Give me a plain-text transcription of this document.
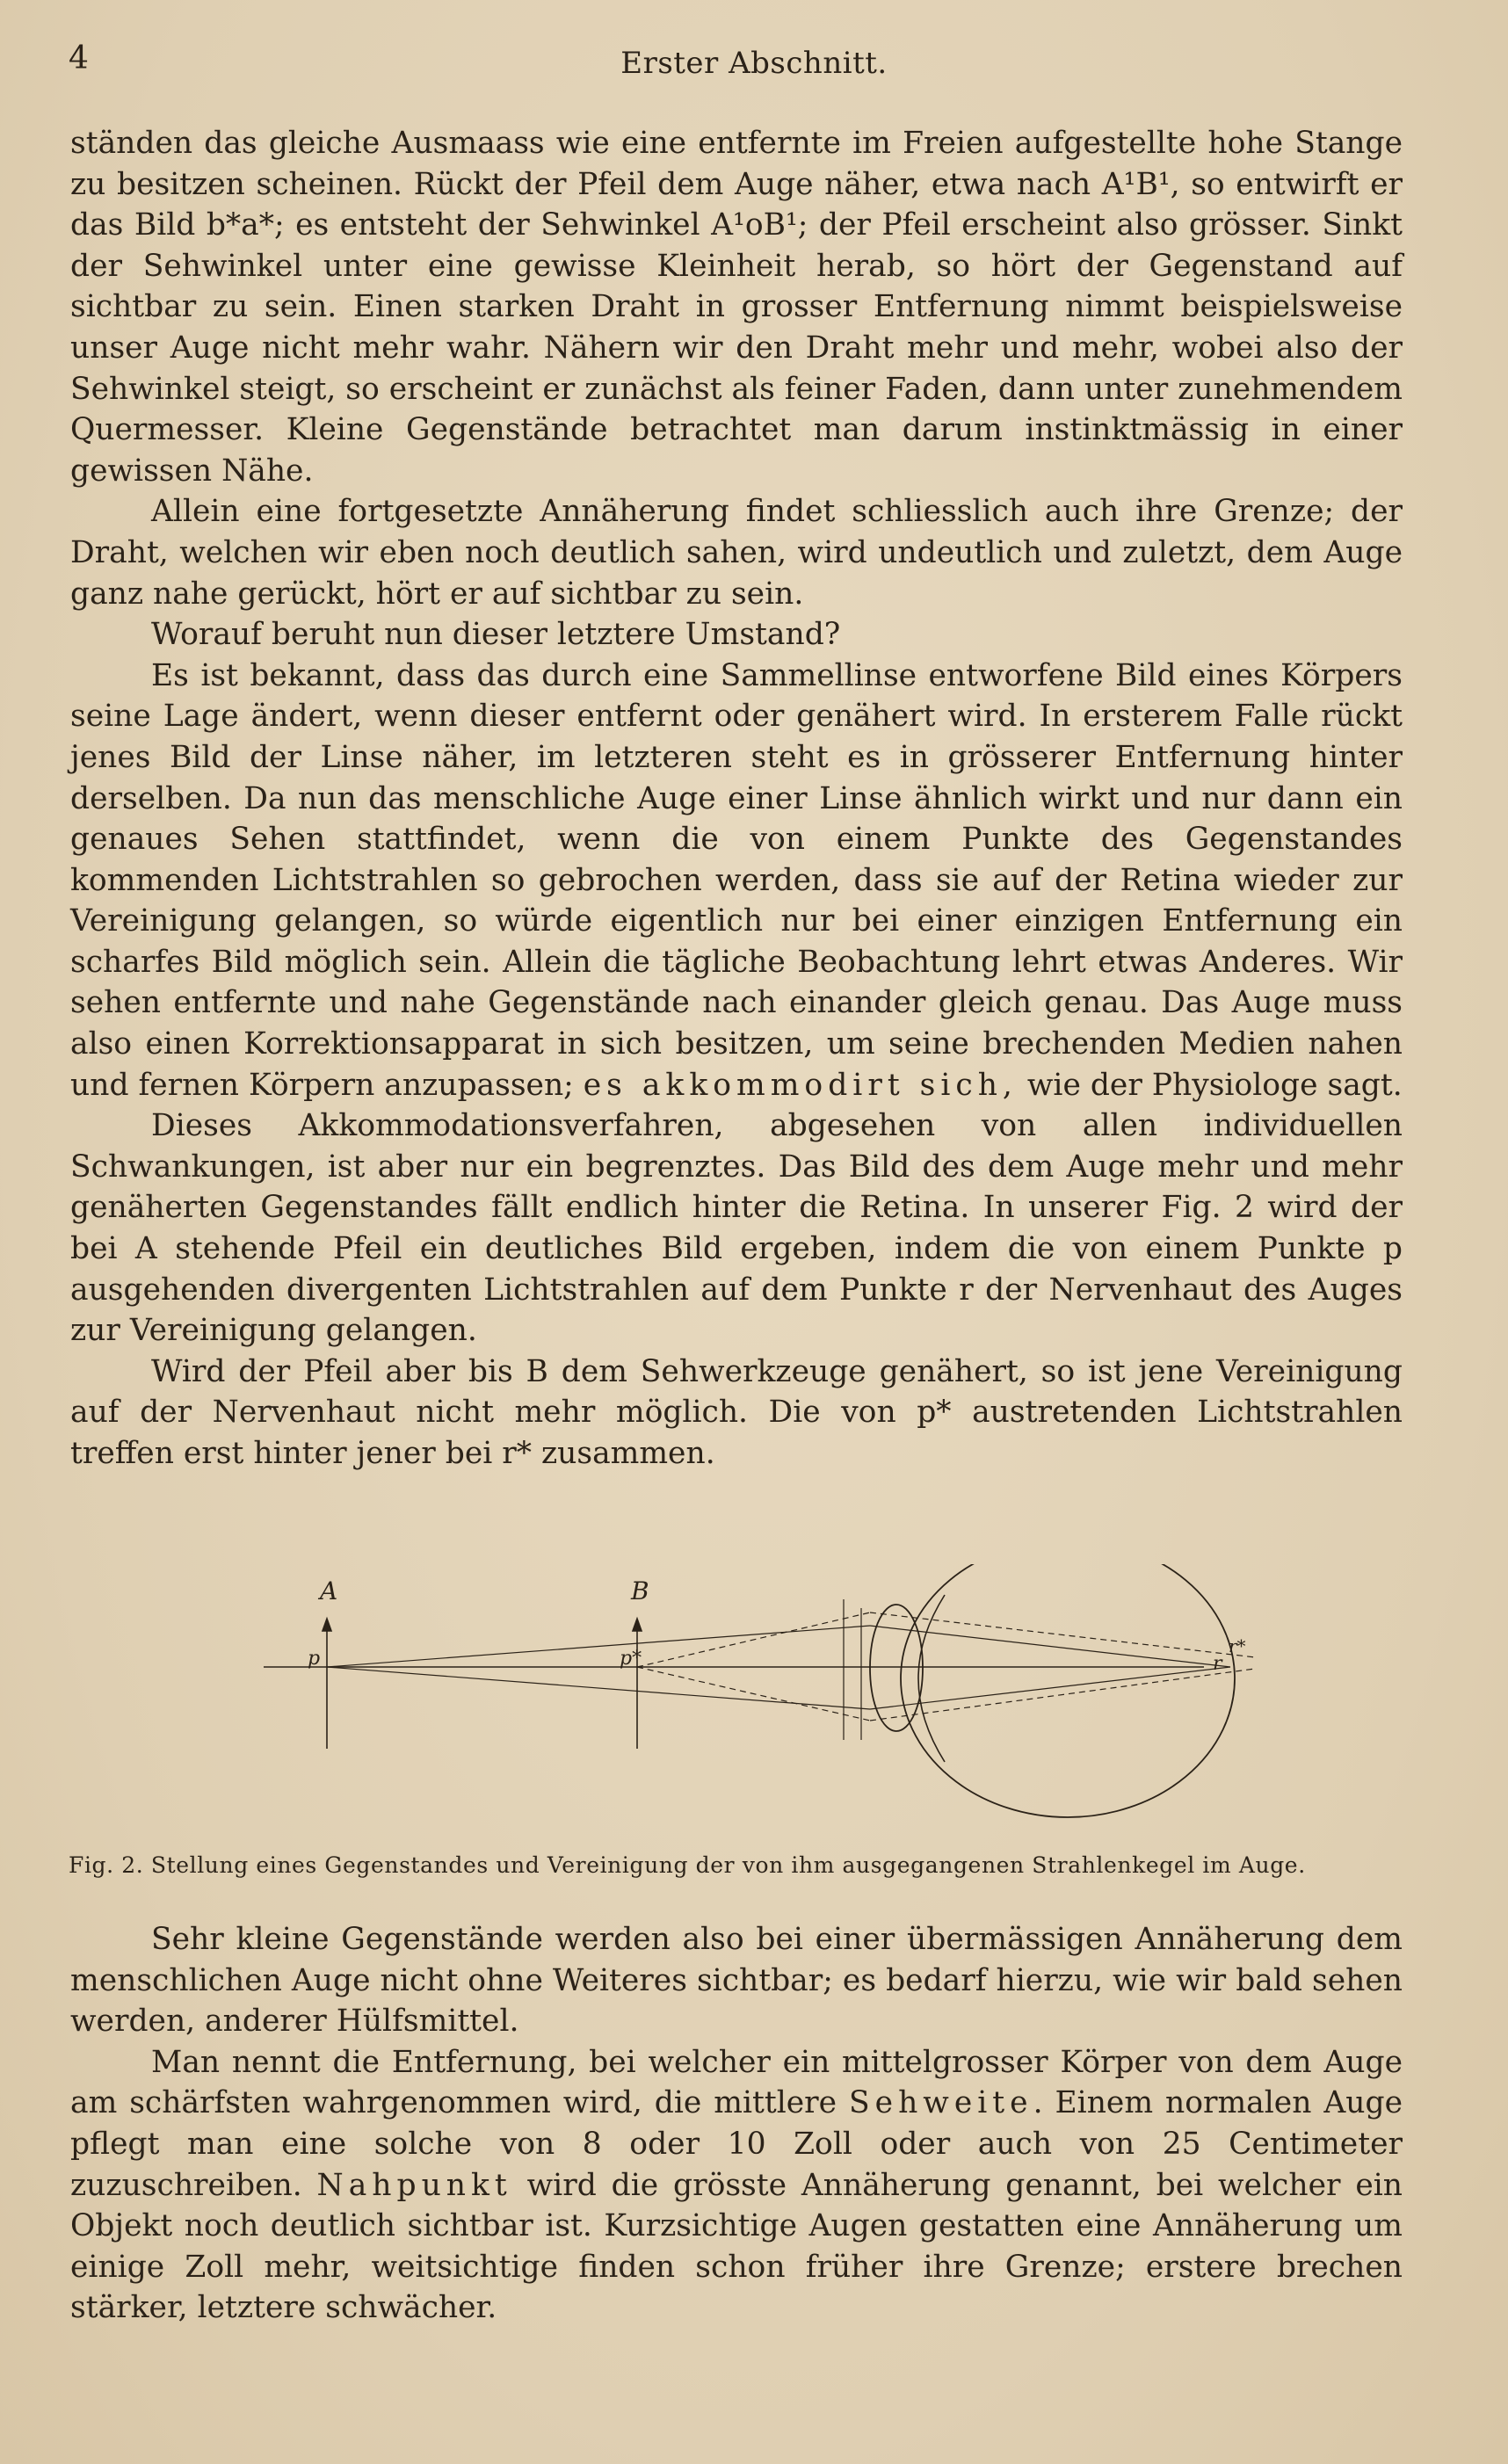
4	Erster Abschnitt.

ständen das gleiche Ausmaass wie eine entfernte im Freien aufgestellte hohe Stange zu besitzen scheinen. Rückt der Pfeil dem Auge näher, etwa nach A¹B¹, so entwirft er das Bild b*a*; es entsteht der Sehwinkel A¹oB¹; der Pfeil erscheint also grösser. Sinkt der Sehwinkel unter eine gewisse Kleinheit herab, so hört der Gegenstand auf sichtbar zu sein. Einen starken Draht in grosser Entfernung nimmt beispielsweise unser Auge nicht mehr wahr. Nähern wir den Draht mehr und mehr, wobei also der Sehwinkel steigt, so erscheint er zunächst als feiner Faden, dann unter zunehmendem Quermesser. Kleine Gegenstände betrachtet man darum instinktmässig in einer gewissen Nähe.

Allein eine fortgesetzte Annäherung findet schliesslich auch ihre Grenze; der Draht, welchen wir eben noch deutlich sahen, wird undeutlich und zuletzt, dem Auge ganz nahe gerückt, hört er auf sichtbar zu sein.

Worauf beruht nun dieser letztere Umstand?

Es ist bekannt, dass das durch eine Sammellinse entworfene Bild eines Körpers seine Lage ändert, wenn dieser entfernt oder genähert wird. In ersterem Falle rückt jenes Bild der Linse näher, im letzteren steht es in grösserer Entfernung hinter derselben. Da nun das menschliche Auge einer Linse ähnlich wirkt und nur dann ein genaues Sehen stattfindet, wenn die von einem Punkte des Gegenstandes kommenden Lichtstrahlen so gebrochen werden, dass sie auf der Retina wieder zur Vereinigung gelangen, so würde eigentlich nur bei einer einzigen Entfernung ein scharfes Bild möglich sein. Allein die tägliche Beobachtung lehrt etwas Anderes. Wir sehen entfernte und nahe Gegenstände nach einander gleich genau. Das Auge muss also einen Korrektionsapparat in sich besitzen, um seine brechenden Medien nahen und fernen Körpern anzupassen; es akkommodirt sich, wie der Physiologe sagt.

Dieses Akkommodationsverfahren, abgesehen von allen individuellen Schwankungen, ist aber nur ein begrenztes. Das Bild des dem Auge mehr und mehr genäherten Gegenstandes fällt endlich hinter die Retina. In unserer Fig. 2 wird der bei A stehende Pfeil ein deutliches Bild ergeben, indem die von einem Punkte p ausgehenden divergenten Lichtstrahlen auf dem Punkte r der Nervenhaut des Auges zur Vereinigung gelangen.

Wird der Pfeil aber bis B dem Sehwerkzeuge genähert, so ist jene Vereinigung auf der Nervenhaut nicht mehr möglich. Die von p* austretenden Lichtstrahlen treffen erst hinter jener bei r* zusammen.

A	B
p	p*	r
r*
Fig. 2. Stellung eines Gegenstandes und Vereinigung der von ihm ausgegangenen Strahlenkegel im Auge.

Sehr kleine Gegenstände werden also bei einer übermässigen Annäherung dem menschlichen Auge nicht ohne Weiteres sichtbar; es bedarf hierzu, wie wir bald sehen werden, anderer Hülfsmittel.

Man nennt die Entfernung, bei welcher ein mittelgrosser Körper von dem Auge am schärfsten wahrgenommen wird, die mittlere Sehweite. Einem normalen Auge pflegt man eine solche von 8 oder 10 Zoll oder auch von 25 Centimeter zuzuschreiben. Nahpunkt wird die grösste Annäherung genannt, bei welcher ein Objekt noch deutlich sichtbar ist. Kurzsichtige Augen gestatten eine Annäherung um einige Zoll mehr, weitsichtige finden schon früher ihre Grenze; erstere brechen stärker, letztere schwächer.
